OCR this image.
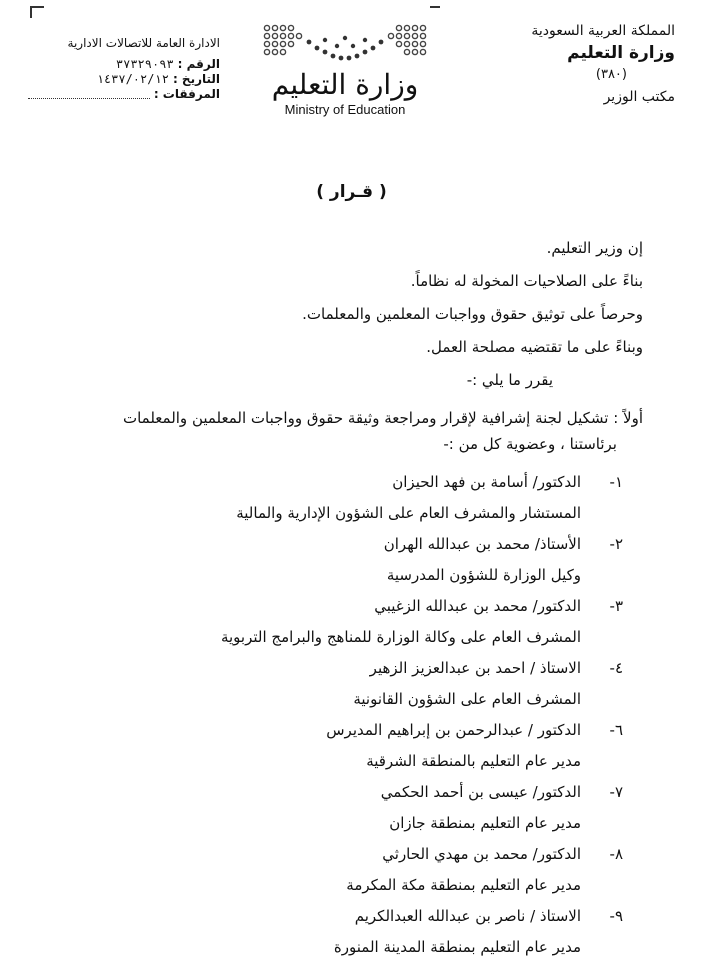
الادارة العامة للاتصالات الادارية
الرقم :
٣٧٣٢٩٠٩٣
التاريخ :
١٤٣٧/٠٢/١٢
المرفقات :	وزارة التعليم
Ministry of Education
المملكة العربية السعودية
وزارة التعليم
(٣٨٠)
مكتب الوزير
( قـرار )
إن وزير التعليم.
بناءً على الصلاحيات المخولة له نظاماً.
وحرصاً على توثيق حقوق وواجبات المعلمين والمعلمات.
وبناءً على ما تقتضيه مصلحة العمل.
يقرر ما يلي :-
أولاً : تشكيل لجنة إشرافية لإقرار ومراجعة وثيقة حقوق وواجبات المعلمين والمعلمات
برئاستنا ، وعضوية كل من :-
١-
الدكتور/ أسامة بن فهد الحيزان
المستشار والمشرف العام على الشؤون الإدارية والمالية
٢-
الأستاذ/ محمد بن عبدالله الهران
وكيل الوزارة للشؤون المدرسية
٣-
الدكتور/ محمد بن عبدالله الزغيبي
المشرف العام على وكالة الوزارة للمناهج والبرامج التربوية
٤-
الاستاذ / احمد بن عبدالعزيز الزهير
المشرف العام على الشؤون القانونية
٦-
الدكتور / عبدالرحمن بن إبراهيم المديرس
مدير عام التعليم بالمنطقة الشرقية
٧-
الدكتور/ عيسى بن أحمد الحكمي
مدير عام التعليم بمنطقة جازان
٨-
الدكتور/ محمد بن مهدي الحارثي
مدير عام التعليم بمنطقة مكة المكرمة
٩-
الاستاذ / ناصر بن عبدالله العبدالكريم
مدير عام التعليم بمنطقة المدينة المنورة
